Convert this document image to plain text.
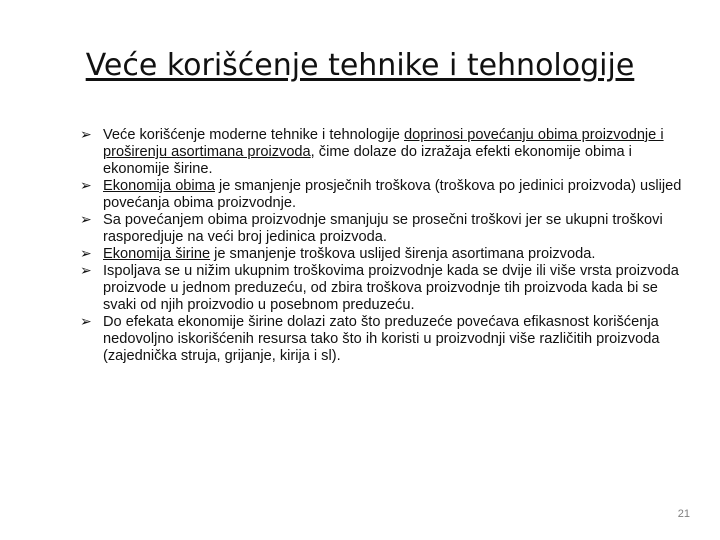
Veće korišćenje tehnike i tehnologije
➢ Veće korišćenje moderne tehnike i tehnologije doprinosi povećanju obima proizvodnje i proširenju asortimana proizvoda, čime dolaze do izražaja efekti ekonomije obima i ekonomije širine.
➢ Ekonomija obima je smanjenje prosječnih troškova (troškova po jedinici proizvoda) uslijed povećanja obima proizvodnje.
➢ Sa povećanjem obima proizvodnje smanjuju se prosečni troškovi jer se ukupni troškovi rasporedjuje na veći broj jedinica proizvoda.
➢ Ekonomija širine je smanjenje troškova uslijed širenja asortimana proizvoda.
➢ Ispoljava se u nižim ukupnim troškovima proizvodnje kada se dvije ili više vrsta proizvoda proizvode u jednom preduzeću, od zbira troškova proizvodnje tih proizvoda kada bi se svaki od njih proizvodio u posebnom preduzeću.
➢ Do efekata ekonomije širine dolazi zato što preduzeće povećava efikasnost korišćenja nedovoljno iskorišćenih resursa tako što ih koristi u proizvodnji više različitih proizvoda (zajednička struja, grijanje, kirija i sl).
21
